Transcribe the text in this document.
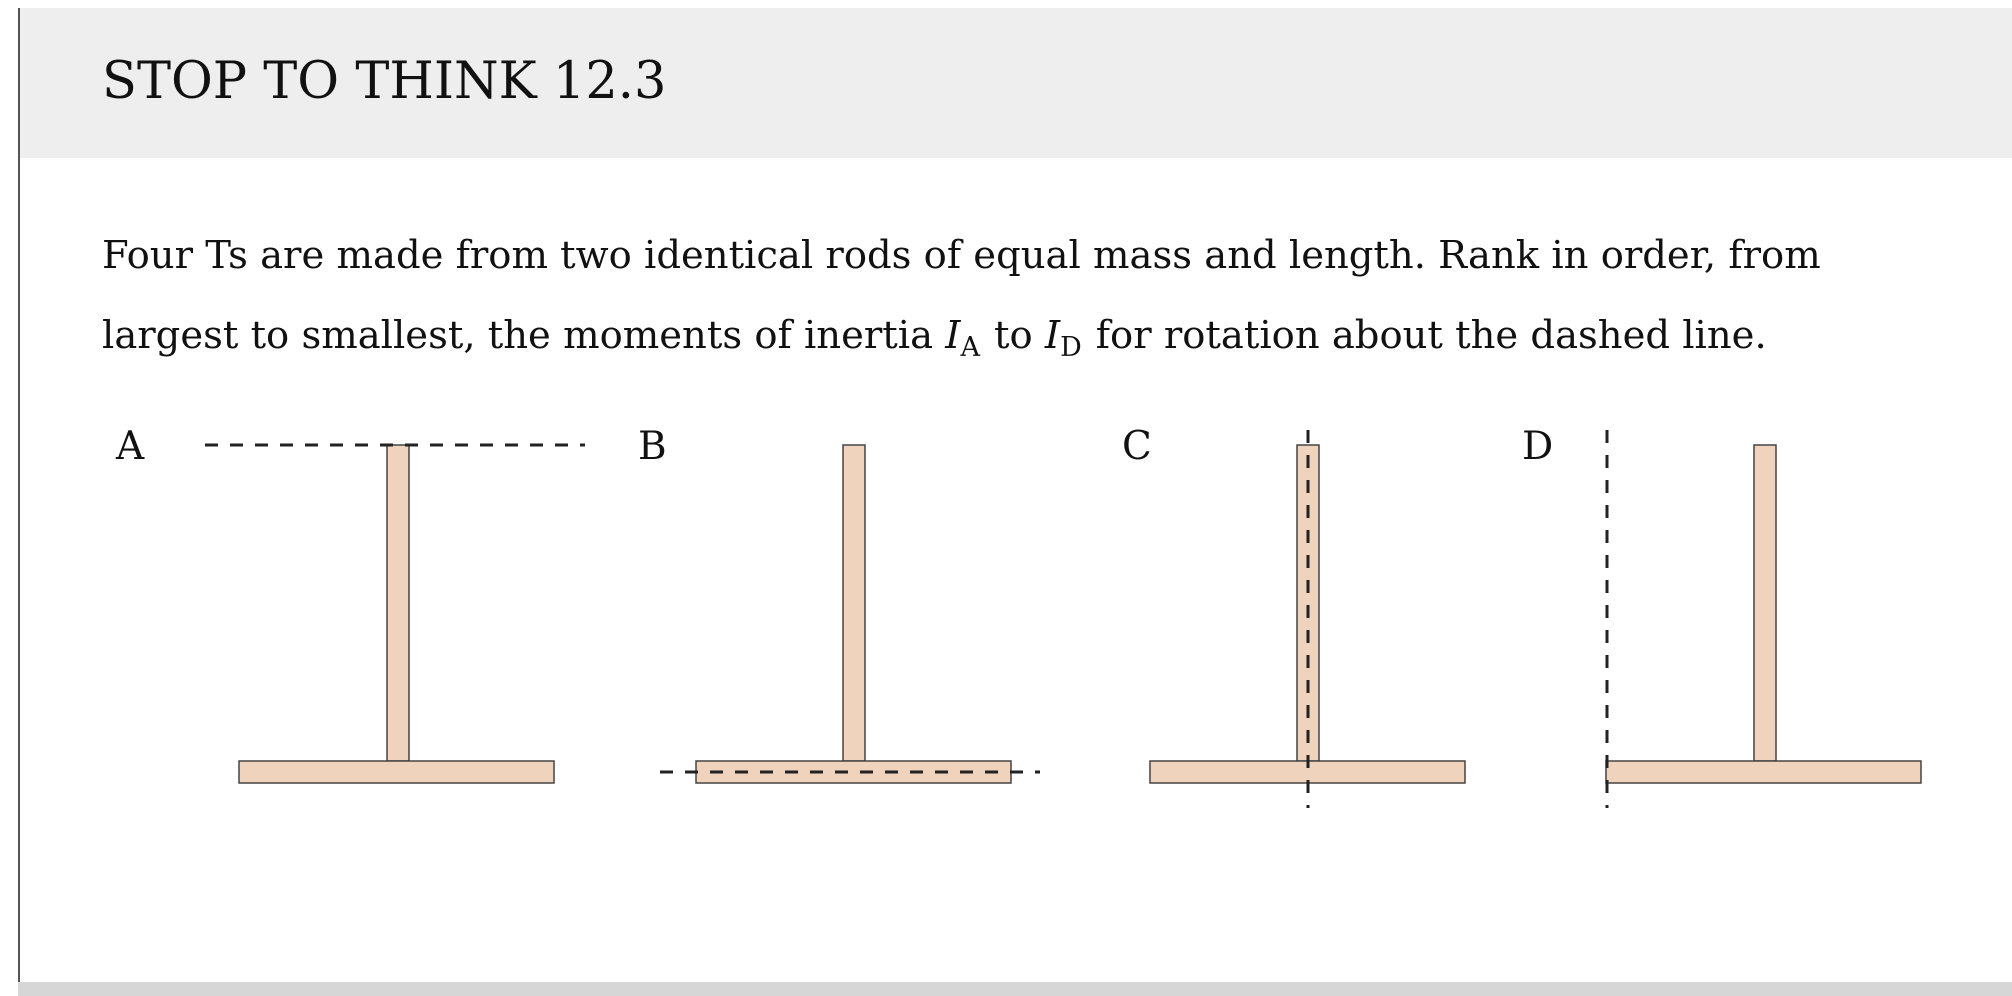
STOP TO THINK 12.3

Four Ts are made from two identical rods of equal mass and length. Rank in order, from largest to smallest, the moments of inertia $I_A$ to $I_D$ for rotation about the dashed line.

A	B	C	D
